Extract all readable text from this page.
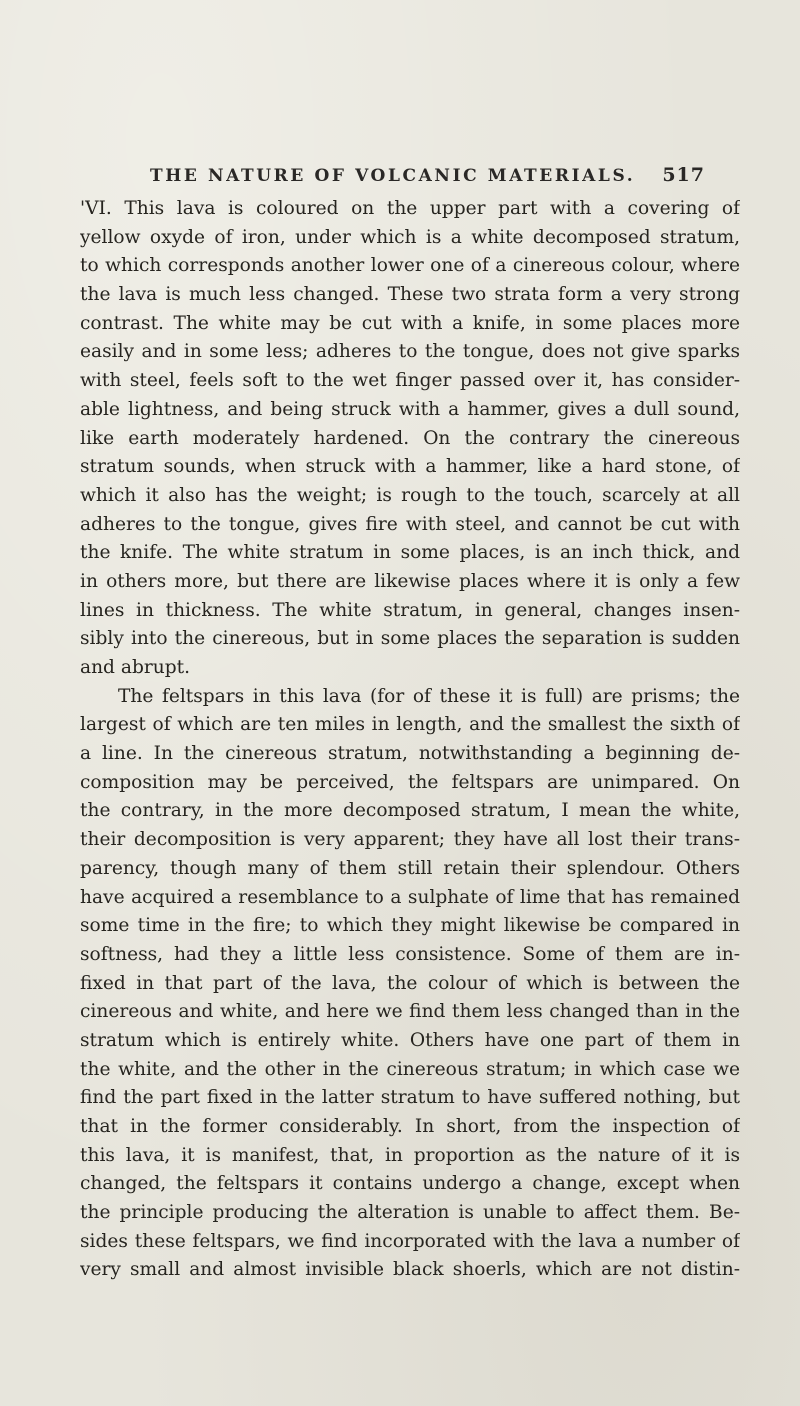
THE NATURE OF VOLCANIC MATERIALS. 517
'VI. This lava is coloured on the upper part with a covering of
yellow oxyde of iron, under which is a white decomposed stratum,
to which corresponds another lower one of a cinereous colour, where
the lava is much less changed. These two strata form a very strong
contrast. The white may be cut with a knife, in some places more
easily and in some less; adheres to the tongue, does not give sparks
with steel, feels soft to the wet finger passed over it, has consider-
able lightness, and being struck with a hammer, gives a dull sound,
like earth moderately hardened. On the contrary the cinereous
stratum sounds, when struck with a hammer, like a hard stone, of
which it also has the weight; is rough to the touch, scarcely at all
adheres to the tongue, gives fire with steel, and cannot be cut with
the knife. The white stratum in some places, is an inch thick, and
in others more, but there are likewise places where it is only a few
lines in thickness. The white stratum, in general, changes insen-
sibly into the cinereous, but in some places the separation is sudden
and abrupt.
The feltspars in this lava (for of these it is full) are prisms; the
largest of which are ten miles in length, and the smallest the sixth of
a line. In the cinereous stratum, notwithstanding a beginning de-
composition may be perceived, the feltspars are unimpared. On
the contrary, in the more decomposed stratum, I mean the white,
their decomposition is very apparent; they have all lost their trans-
parency, though many of them still retain their splendour. Others
have acquired a resemblance to a sulphate of lime that has remained
some time in the fire; to which they might likewise be compared in
softness, had they a little less consistence. Some of them are in-
fixed in that part of the lava, the colour of which is between the
cinereous and white, and here we find them less changed than in the
stratum which is entirely white. Others have one part of them in
the white, and the other in the cinereous stratum; in which case we
find the part fixed in the latter stratum to have suffered nothing, but
that in the former considerably. In short, from the inspection of
this lava, it is manifest, that, in proportion as the nature of it is
changed, the feltspars it contains undergo a change, except when
the principle producing the alteration is unable to affect them. Be-
sides these feltspars, we find incorporated with the lava a number of
very small and almost invisible black shoerls, which are not distin-
